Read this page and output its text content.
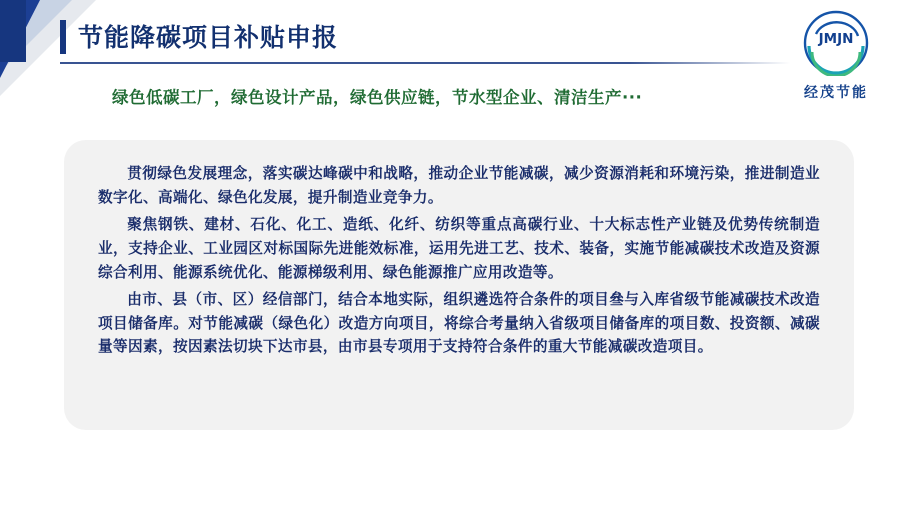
节能降碳项目补贴申报	JMJN
经茂节能
绿色低碳工厂，绿色设计产品，绿色供应链，节水型企业、清洁生产···

贯彻绿色发展理念，落实碳达峰碳中和战略，推动企业节能减碳，减少资源消耗和环境污染，推进制造业数字化、高端化、绿色化发展，提升制造业竞争力。

聚焦钢铁、建材、石化、化工、造纸、化纤、纺织等重点高碳行业、十大标志性产业链及优势传统制造业，支持企业、工业园区对标国际先进能效标准，运用先进工艺、技术、装备，实施节能减碳技术改造及资源综合利用、能源系统优化、能源梯级利用、绿色能源推广应用改造等。

由市、县（市、区）经信部门，结合本地实际，组织遴选符合条件的项目叄与入库省级节能减碳技术改造项目储备库。对节能减碳（绿色化）改造方向项目，将综合考量纳入省级项目储备库的项目数、投资额、减碳量等因素，按因素法切块下达市县，由市县专项用于支持符合条件的重大节能减碳改造项目。
